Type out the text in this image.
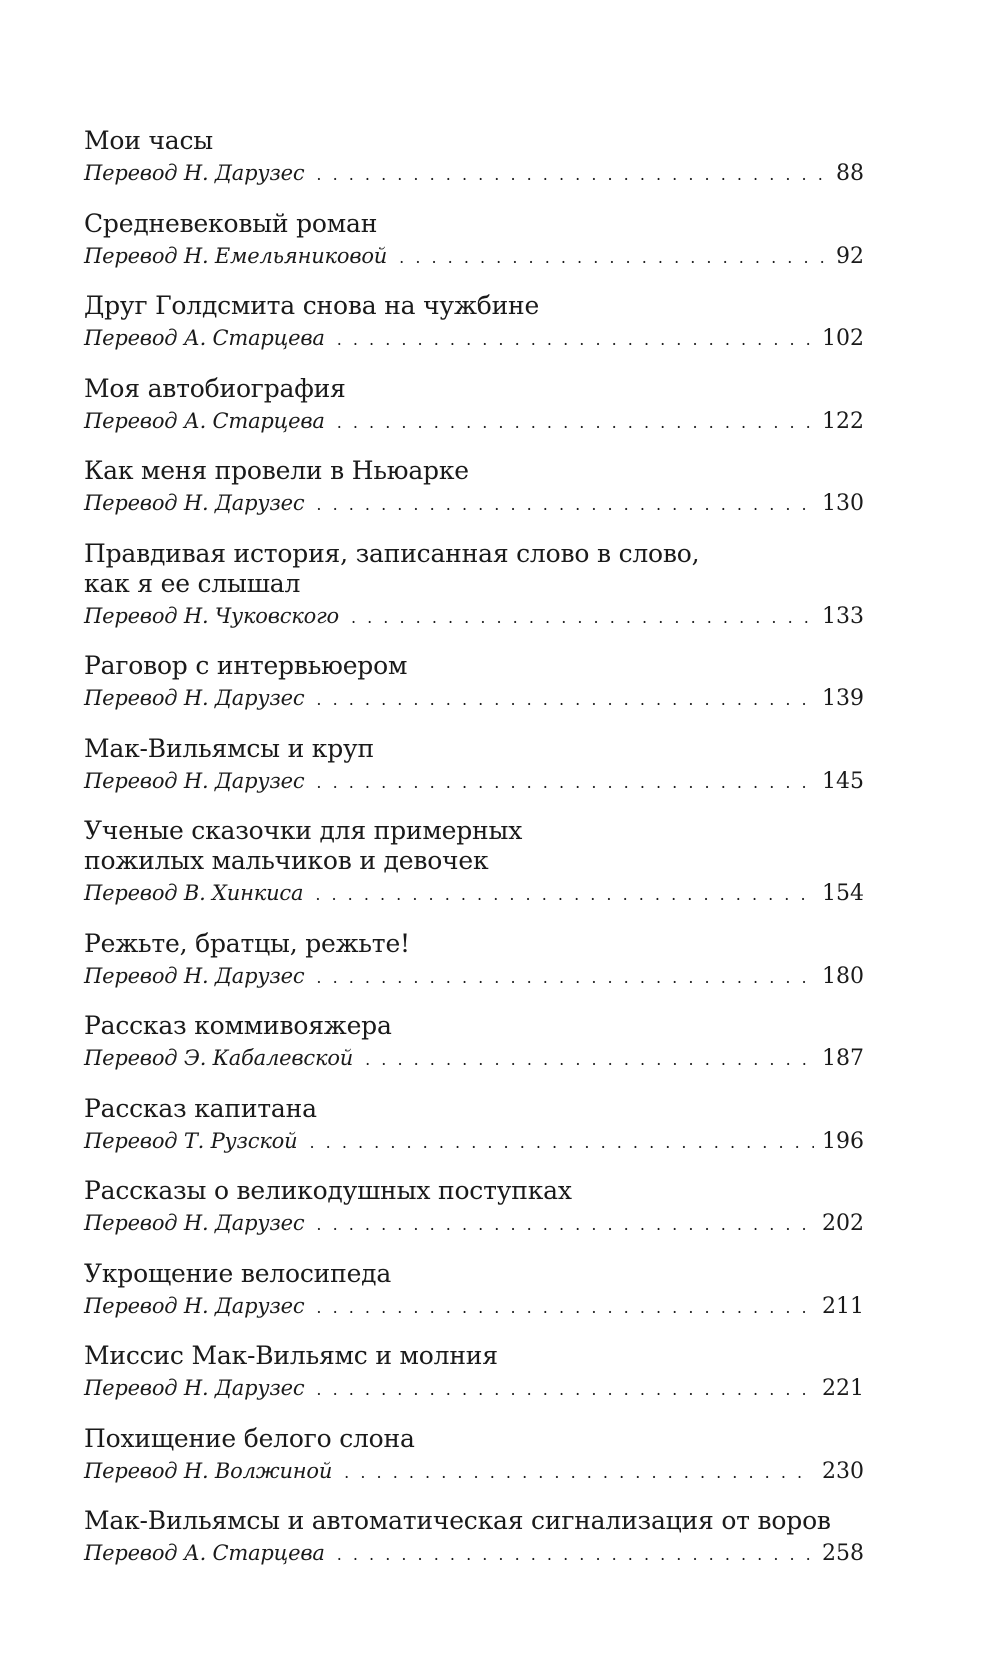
Мои часы
Перевод Н. Дарузес . . .	88
Средневековый роман
Перевод Н. Емельяниковой . . .	92
Друг Голдсмита снова на чужбине
Перевод А. Старцева . . .	102
Моя автобиография
Перевод А. Старцева . . .	122
Как меня провели в Ньюарке
Перевод Н. Дарузес . . .	130
Правдивая история, записанная слово в слово,
как я ее слышал
Перевод Н. Чуковского . . .	133
Раговор с интервьюером
Перевод Н. Дарузес . . .	139
Мак-Вильямсы и круп
Перевод Н. Дарузес . . .	145
Ученые сказочки для примерных
пожилых мальчиков и девочек
Перевод В. Хинкиса . . .	154
Режьте, братцы, режьте!
Перевод Н. Дарузес . . .	180
Рассказ коммивояжера
Перевод Э. Кабалевской . . .	187
Рассказ капитана
Перевод Т. Рузской . . .	196
Рассказы о великодушных поступках
Перевод Н. Дарузес . . .	202
Укрощение велосипеда
Перевод Н. Дарузес . . .	211
Миссис Мак-Вильямс и молния
Перевод Н. Дарузес . . .	221
Похищение белого слона
Перевод Н. Волжиной . . .	230
Мак-Вильямсы и автоматическая сигнализация от воров
Перевод А. Старцева . . .	258
